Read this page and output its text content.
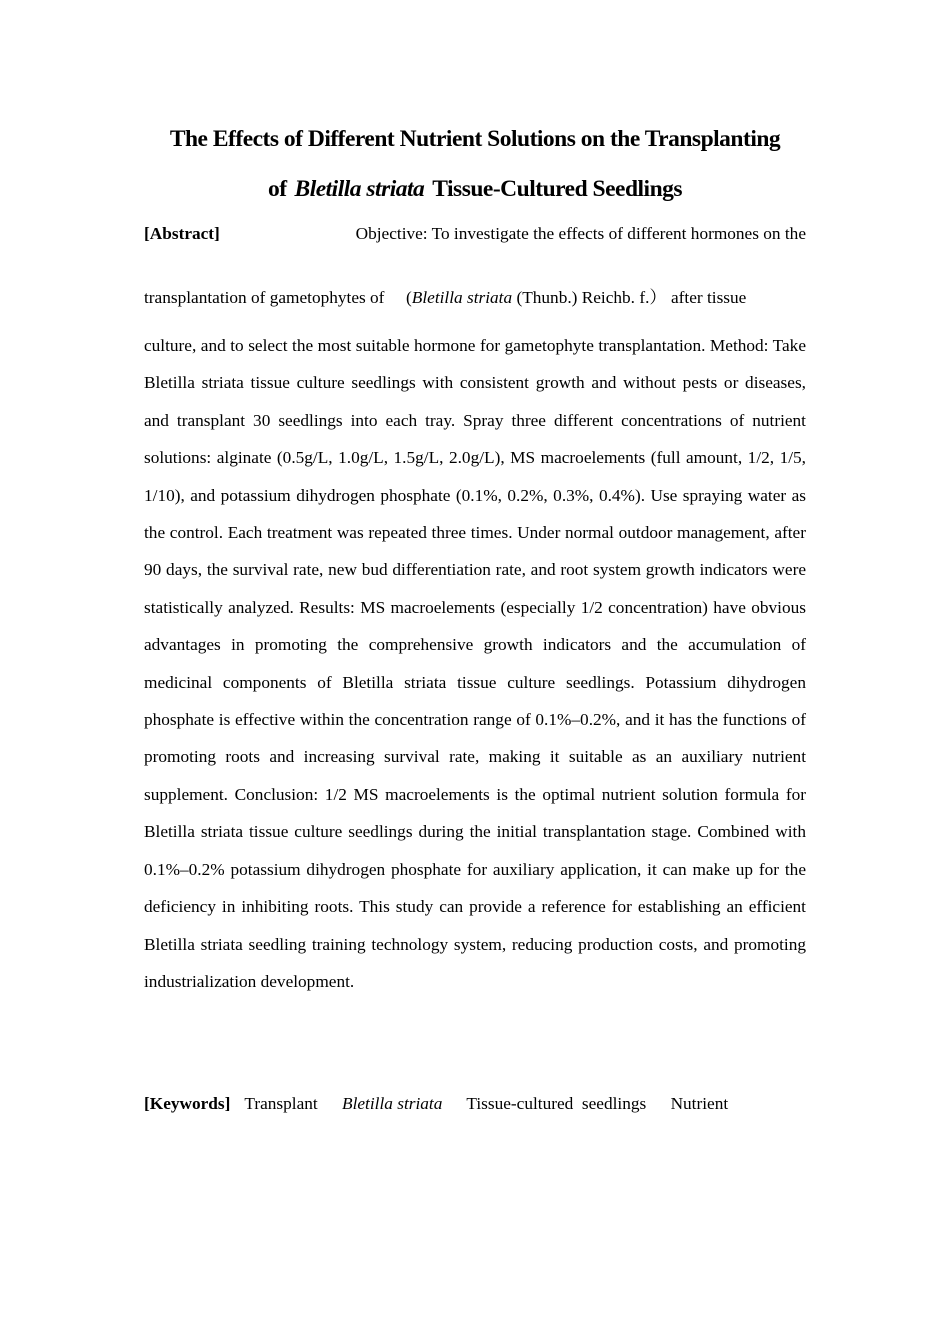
The Effects of Different Nutrient Solutions on the Transplanting
of Bletilla striata Tissue-Cultured Seedlings
[Abstract]	Objective: To investigate the effects of different hormones on the
transplantation of gametophytes of 　(Bletilla striata (Thunb.) Reichb. f.） after tissue
culture, and to select the most suitable hormone for gametophyte transplantation. Method: Take Bletilla striata tissue culture seedlings with consistent growth and without pests or diseases, and transplant 30 seedlings into each tray. Spray three different concentrations of nutrient solutions: alginate (0.5g/L, 1.0g/L, 1.5g/L, 2.0g/L), MS macroelements (full amount, 1/2, 1/5, 1/10), and potassium dihydrogen phosphate (0.1%, 0.2%, 0.3%, 0.4%). Use spraying water as the control. Each treatment was repeated three times. Under normal outdoor management, after 90 days, the survival rate, new bud differentiation rate, and root system growth indicators were statistically analyzed. Results: MS macroelements (especially 1/2 concentration) have obvious advantages in promoting the comprehensive growth indicators and the accumulation of medicinal components of Bletilla striata tissue culture seedlings. Potassium dihydrogen phosphate is effective within the concentration range of 0.1%–0.2%, and it has the functions of promoting roots and increasing survival rate, making it suitable as an auxiliary nutrient supplement. Conclusion: 1/2 MS macroelements is the optimal nutrient solution formula for Bletilla striata tissue culture seedlings during the initial transplantation stage. Combined with 0.1%–0.2% potassium dihydrogen phosphate for auxiliary application, it can make up for the deficiency in inhibiting roots. This study can provide a reference for establishing an efficient Bletilla striata seedling training technology system, reducing production costs, and promoting industrialization development.
[Keywords] Transplant Bletilla striata Tissue-cultured  seedlings Nutrient
